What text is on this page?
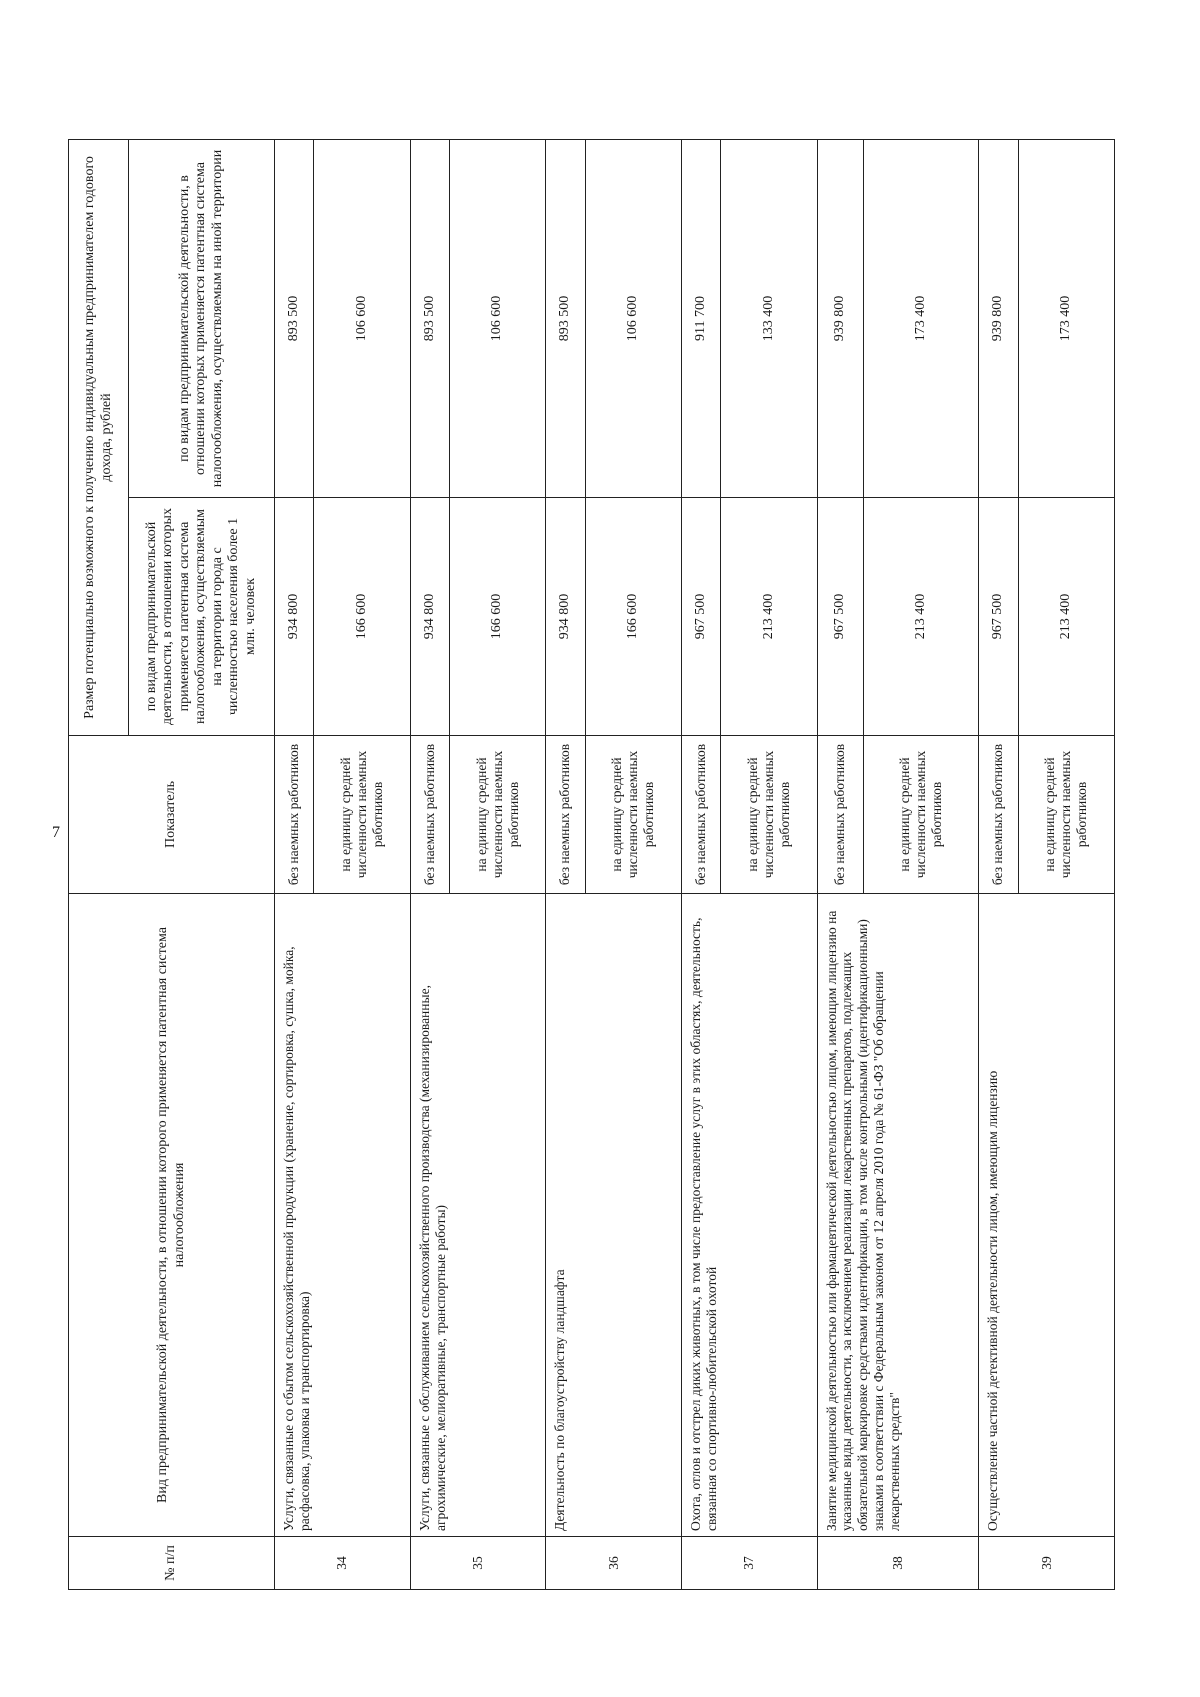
7
№ п/п	Вид предпринимательской деятельности, в отношении которого применяется патентная система налогообложения	Показатель	Размер потенциально возможного к получению индивидуальным предпринимателем годового дохода, рублей	
			по видам предпринимательской деятельности, в отношении которых применяется патентная система налогообложения, осуществляемым на территории города с численностью населения более 1 млн. человек	по видам предпринимательской деятельности, в отношении которых применяется патентная система налогообложения, осуществляемым на иной территории
34	Услуги, связанные со сбытом сельскохозяйственной продукции (хранение, сортировка, сушка, мойка, расфасовка, упаковка и транспортировка)	без наемных работников	934 800	893 500
		на единицу средней численности наемных работников	166 600	106 600
35	Услуги, связанные с обслуживанием сельскохозяйственного производства (механизированные, агрохимические, мелиоративные, транспортные работы)	без наемных работников	934 800	893 500
		на единицу средней численности наемных работников	166 600	106 600
36	Деятельность по благоустройству ландшафта	без наемных работников	934 800	893 500
		на единицу средней численности наемных работников	166 600	106 600
37	Охота, отлов и отстрел диких животных, в том числе предоставление услуг в этих областях, деятельность, связанная со спортивно-любительской охотой	без наемных работников	967 500	911 700
		на единицу средней численности наемных работников	213 400	133 400
38	Занятие медицинской деятельностью или фармацевтической деятельностью лицом, имеющим лицензию на указанные виды деятельности, за исключением реализации лекарственных препаратов, подлежащих обязательной маркировке средствами идентификации, в том числе контрольными (идентификационными) знаками в соответствии с Федеральным законом от 12 апреля 2010 года № 61-ФЗ "Об обращении лекарственных средств"	без наемных работников	967 500	939 800
		на единицу средней численности наемных работников	213 400	173 400
39	Осуществление частной детективной деятельности лицом, имеющим лицензию	без наемных работников	967 500	939 800
		на единицу средней численности наемных работников	213 400	173 400
